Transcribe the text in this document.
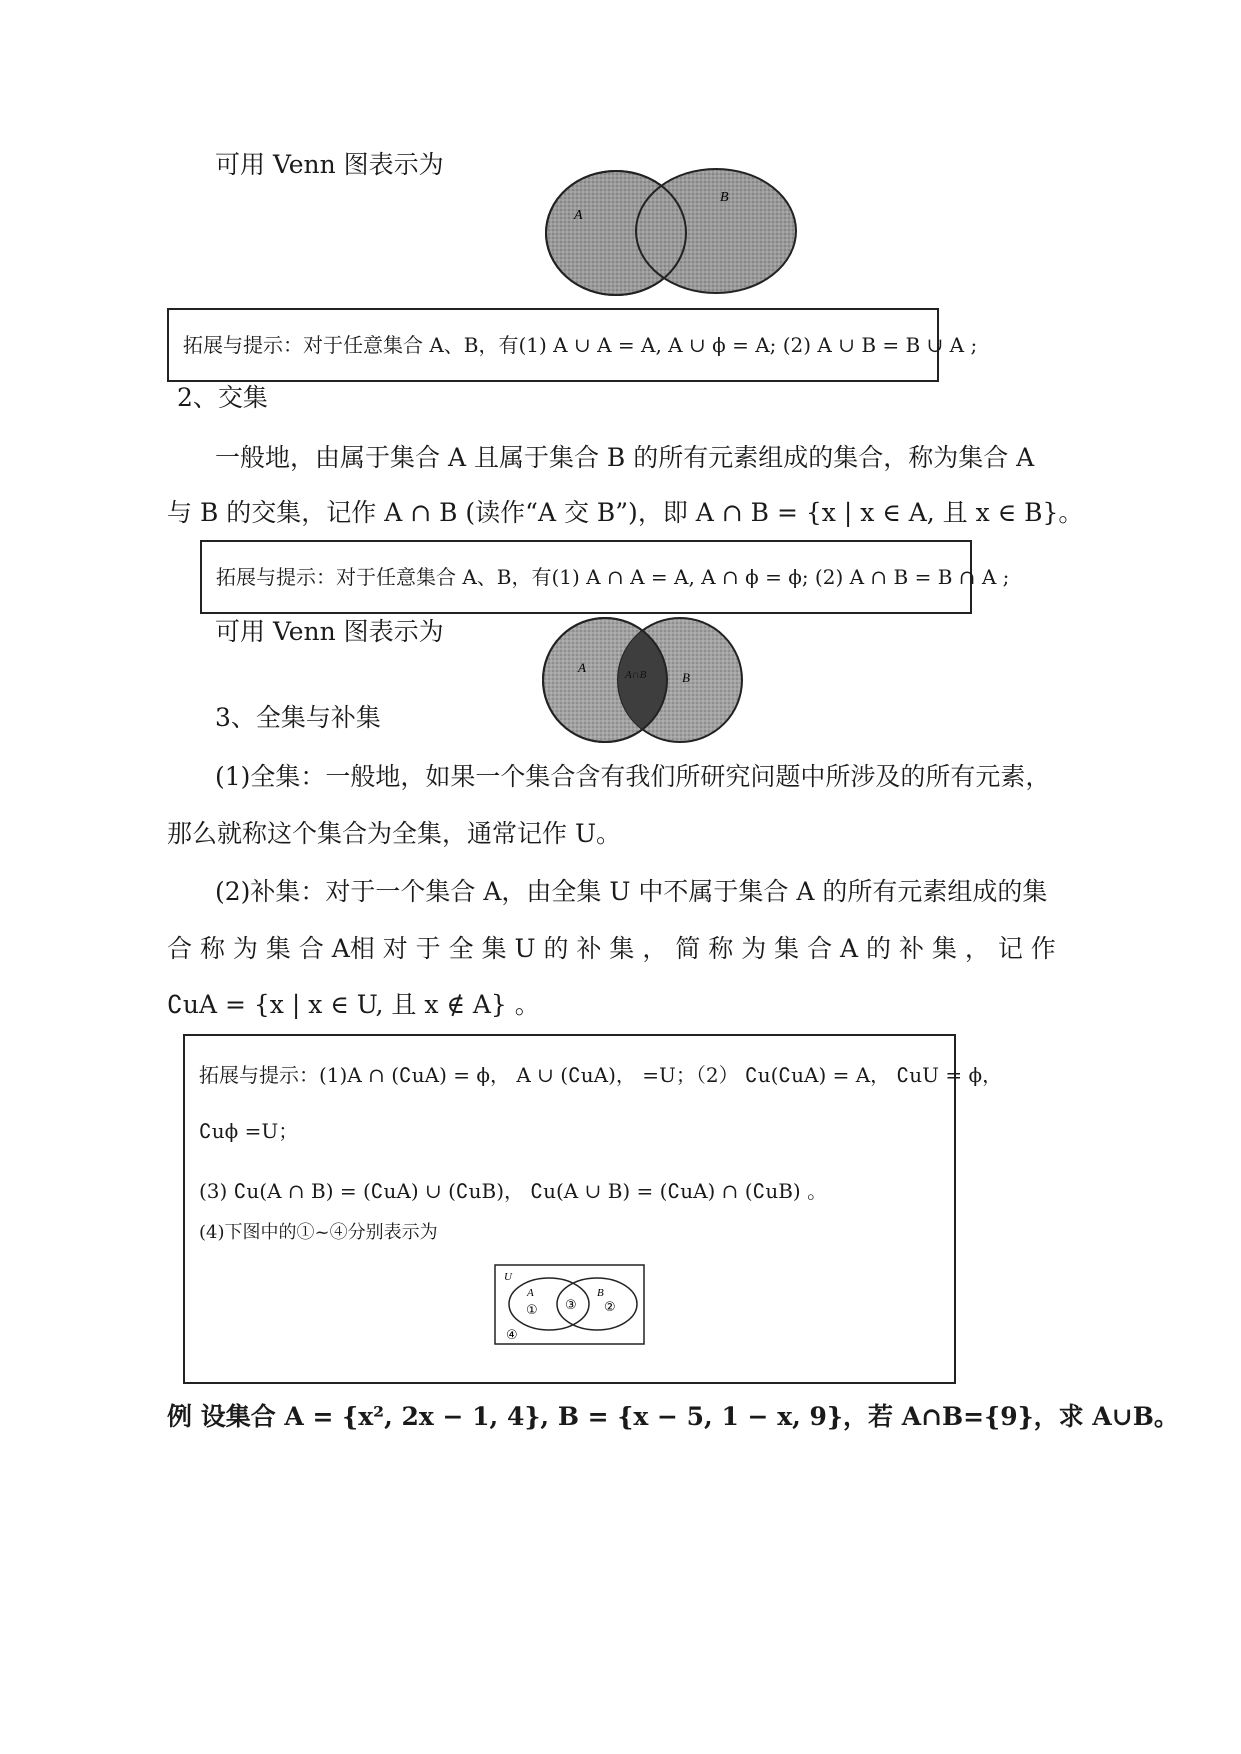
可用 Venn 图表示为
A
B
拓展与提示：对于任意集合 A、B，有(1) A ∪ A = A, A ∪ ϕ = A; (2) A ∪ B = B ∪ A ;
2、交集
一般地，由属于集合 A 且属于集合 B 的所有元素组成的集合，称为集合 A
与 B 的交集，记作 A ∩ B (读作“A 交 B”)，即 A ∩ B = {x | x ∈ A, 且 x ∈ B}。
拓展与提示：对于任意集合 A、B，有(1) A ∩ A = A, A ∩ ϕ = ϕ; (2) A ∩ B = B ∩ A ;
可用 Venn 图表示为
A	A∩B	B
3、全集与补集
(1)全集：一般地，如果一个集合含有我们所研究问题中所涉及的所有元素，
那么就称这个集合为全集，通常记作 U。
(2)补集：对于一个集合 A，由全集 U 中不属于集合 A 的所有元素组成的集
合 称 为 集 合 A相 对 于 全 集 U 的 补 集 ， 简 称 为 集 合 A 的 补 集 ， 记 作
∁uA = {x | x ∈ U, 且 x ∉ A} 。
拓展与提示：(1)A ∩ (∁uA) = ϕ， A ∪ (∁uA)， =U；（2） ∁u(∁uA) = A， ∁uU = ϕ，
∁uϕ =U；
(3) ∁u(A ∩ B) = (∁uA) ∪ (∁uB)， ∁u(A ∪ B) = (∁uA) ∩ (∁uB) 。
(4)下图中的①~④分别表示为
U
A	B
① ③ ②
④
例 设集合 A = {x², 2x − 1, 4}, B = {x − 5, 1 − x, 9}，若 A∩B={9}，求 A∪B。
